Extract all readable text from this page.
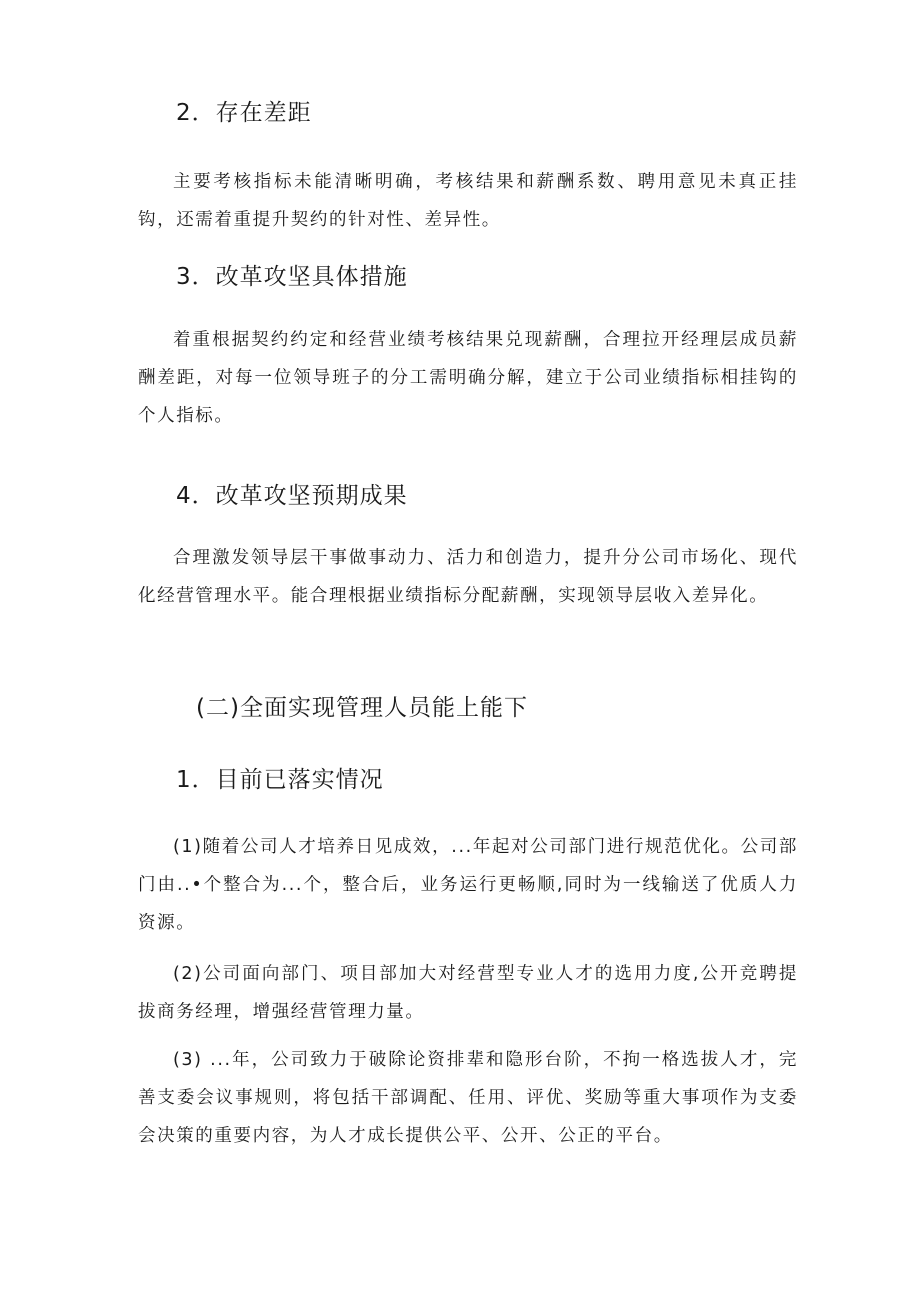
2．存在差距
主要考核指标未能清晰明确，考核结果和薪酬系数、聘用意见未真正挂钩，还需着重提升契约的针对性、差异性。
3．改革攻坚具体措施
着重根据契约约定和经营业绩考核结果兑现薪酬，合理拉开经理层成员薪酬差距，对每一位领导班子的分工需明确分解，建立于公司业绩指标相挂钩的个人指标。
4．改革攻坚预期成果
合理激发领导层干事做事动力、活力和创造力，提升分公司市场化、现代化经营管理水平。能合理根据业绩指标分配薪酬，实现领导层收入差异化。
(二)全面实现管理人员能上能下
1．目前已落实情况
(1)随着公司人才培养日见成效，...年起对公司部门进行规范优化。公司部门由..•个整合为...个，整合后，业务运行更畅顺,同时为一线输送了优质人力资源。
(2)公司面向部门、项目部加大对经营型专业人才的选用力度,公开竞聘提拔商务经理，增强经营管理力量。
(3) ...年，公司致力于破除论资排辈和隐形台阶，不拘一格选拔人才，完善支委会议事规则，将包括干部调配、任用、评优、奖励等重大事项作为支委会决策的重要内容，为人才成长提供公平、公开、公正的平台。
